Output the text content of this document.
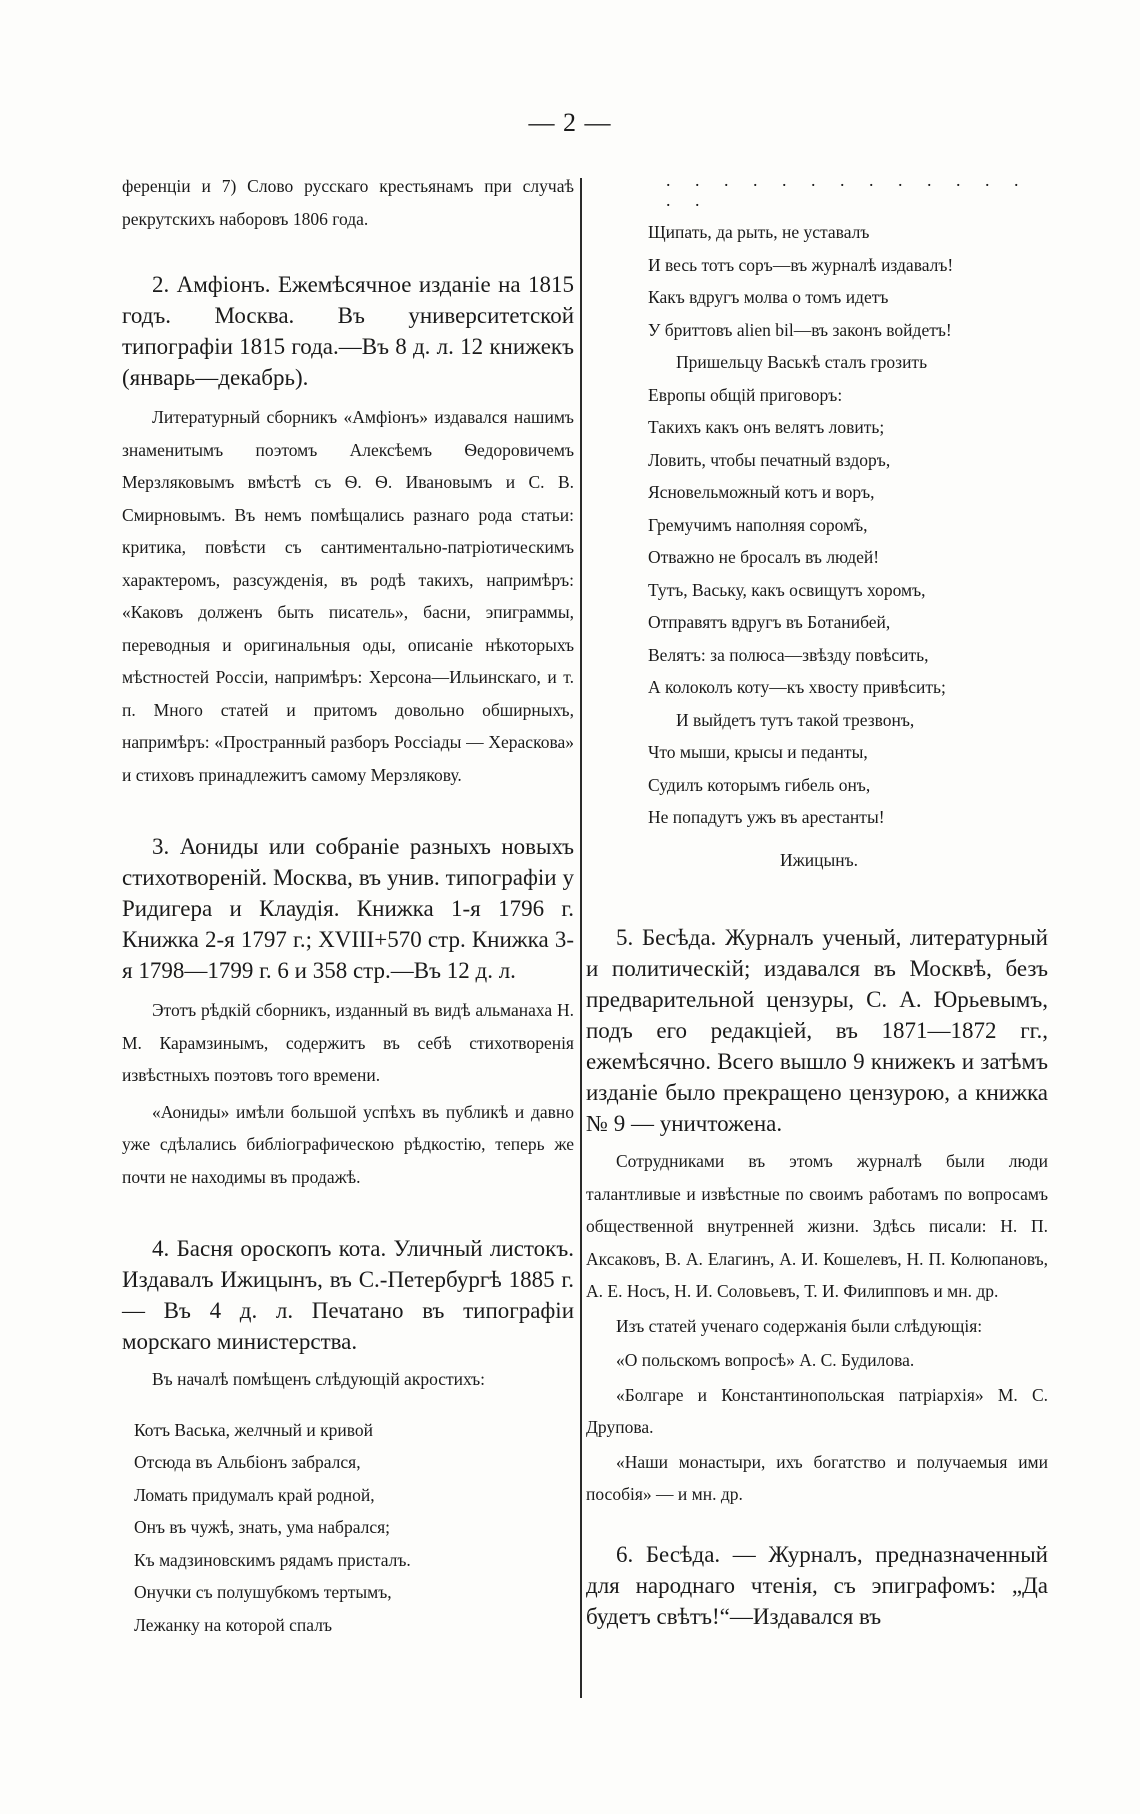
— 2 —

ференціи и 7) Слово русскаго крестьянамъ при случаѣ рекрутскихъ наборовъ 1806 года.

2. Амфіонъ. Ежемѣсячное изданіе на 1815 годъ. Москва. Въ университетской типографіи 1815 года.—Въ 8 д. л. 12 книжекъ (январь—декабрь).

Литературный сборникъ «Амфіонъ» издавался нашимъ знаменитымъ поэтомъ Алексѣемъ Ѳедоровичемъ Мерзляковымъ вмѣстѣ съ Ѳ. Ѳ. Ивановымъ и С. В. Смирновымъ. Въ немъ помѣщались разнаго рода статьи: критика, повѣсти съ сантиментально-патріотическимъ характеромъ, разсужденія, въ родѣ такихъ, напримѣръ: «Каковъ долженъ быть писатель», басни, эпиграммы, переводныя и оригинальныя оды, описаніе нѣкоторыхъ мѣстностей Россіи, напримѣръ: Херсона—Ильинскаго, и т. п. Много статей и притомъ довольно обширныхъ, напримѣръ: «Пространный разборъ Россіады — Хераскова» и стиховъ принадлежитъ самому Мерзлякову.

3. Аониды или собраніе разныхъ новыхъ стихотвореній. Москва, въ унив. типографіи у Ридигера и Клаудія. Книжка 1-я 1796 г. Книжка 2-я 1797 г.; XVIII+570 стр. Книжка 3-я 1798—1799 г. 6 и 358 стр.—Въ 12 д. л.

Этотъ рѣдкій сборникъ, изданный въ видѣ альманаха Н. М. Карамзинымъ, содержитъ въ себѣ стихотворенія извѣстныхъ поэтовъ того времени.

«Аониды» имѣли большой успѣхъ въ публикѣ и давно уже сдѣлались библіографическою рѣдкостію, теперь же почти не находимы въ продажѣ.

4. Басня ороскопъ кота. Уличный листокъ. Издавалъ Ижицынъ, въ С.-Петербургѣ 1885 г. — Въ 4 д. л. Печатано въ типографіи морскаго министерства.

Въ началѣ помѣщенъ слѣдующій акростихъ:

Котъ Васька, желчный и кривой
Отсюда въ Альбіонъ забрался,
Ломать придумалъ край родной,
Онъ въ чужѣ, знать, ума набрался;
Къ мадзиновскимъ рядамъ присталъ.
Онучки съ полушубкомъ тертымъ,
Лежанку на которой спалъ
. . . . . . . . . . . . . . .
Щипать, да рыть, не уставалъ
И весь тотъ соръ—въ журналѣ издавалъ!
Какъ вдругъ молва о томъ идетъ
У бриттовъ alien bil—въ законъ войдетъ!
Пришельцу Васькѣ сталъ грозить
Европы общій приговоръ:
Такихъ какъ онъ велятъ ловить;
Ловить, чтобы печатный вздоръ,
Ясновельможный котъ и воръ,
Гремучимъ наполняя сором̃ъ,
Отважно не бросалъ въ людей!
Тутъ, Ваську, какъ освищутъ хоромъ,
Отправятъ вдругъ въ Ботанибей,
Велятъ: за полюса—звѣзду повѣсить,
А колоколъ коту—къ хвосту привѣсить;
И выйдетъ тутъ такой трезвонъ,
Что мыши, крысы и педанты,
Судилъ которымъ гибель онъ,
Не попадутъ ужъ въ арестанты!

Ижицынъ.

5. Бесѣда. Журналъ ученый, литературный и политическій; издавался въ Москвѣ, безъ предварительной цензуры, С. А. Юрьевымъ, подъ его редакціей, въ 1871—1872 гг., ежемѣсячно. Всего вышло 9 книжекъ и затѣмъ изданіе было прекращено цензурою, а книжка № 9 — уничтожена.

Сотрудниками въ этомъ журналѣ были люди талантливые и извѣстные по своимъ работамъ по вопросамъ общественной внутренней жизни. Здѣсь писали: Н. П. Аксаковъ, В. А. Елагинъ, А. И. Кошелевъ, Н. П. Колюпановъ, А. Е. Носъ, Н. И. Соловьевъ, Т. И. Филипповъ и мн. др.

Изъ статей ученаго содержанія были слѣдующія:

«О польскомъ вопросѣ» А. С. Будилова.

«Болгаре и Константинопольская патріархія» М. С. Друпова.

«Наши монастыри, ихъ богатство и получаемыя ими пособія» — и мн. др.

6. Бесѣда. — Журналъ, предназначенный для народнаго чтенія, съ эпиграфомъ: „Да будетъ свѣтъ!“—Издавался въ
